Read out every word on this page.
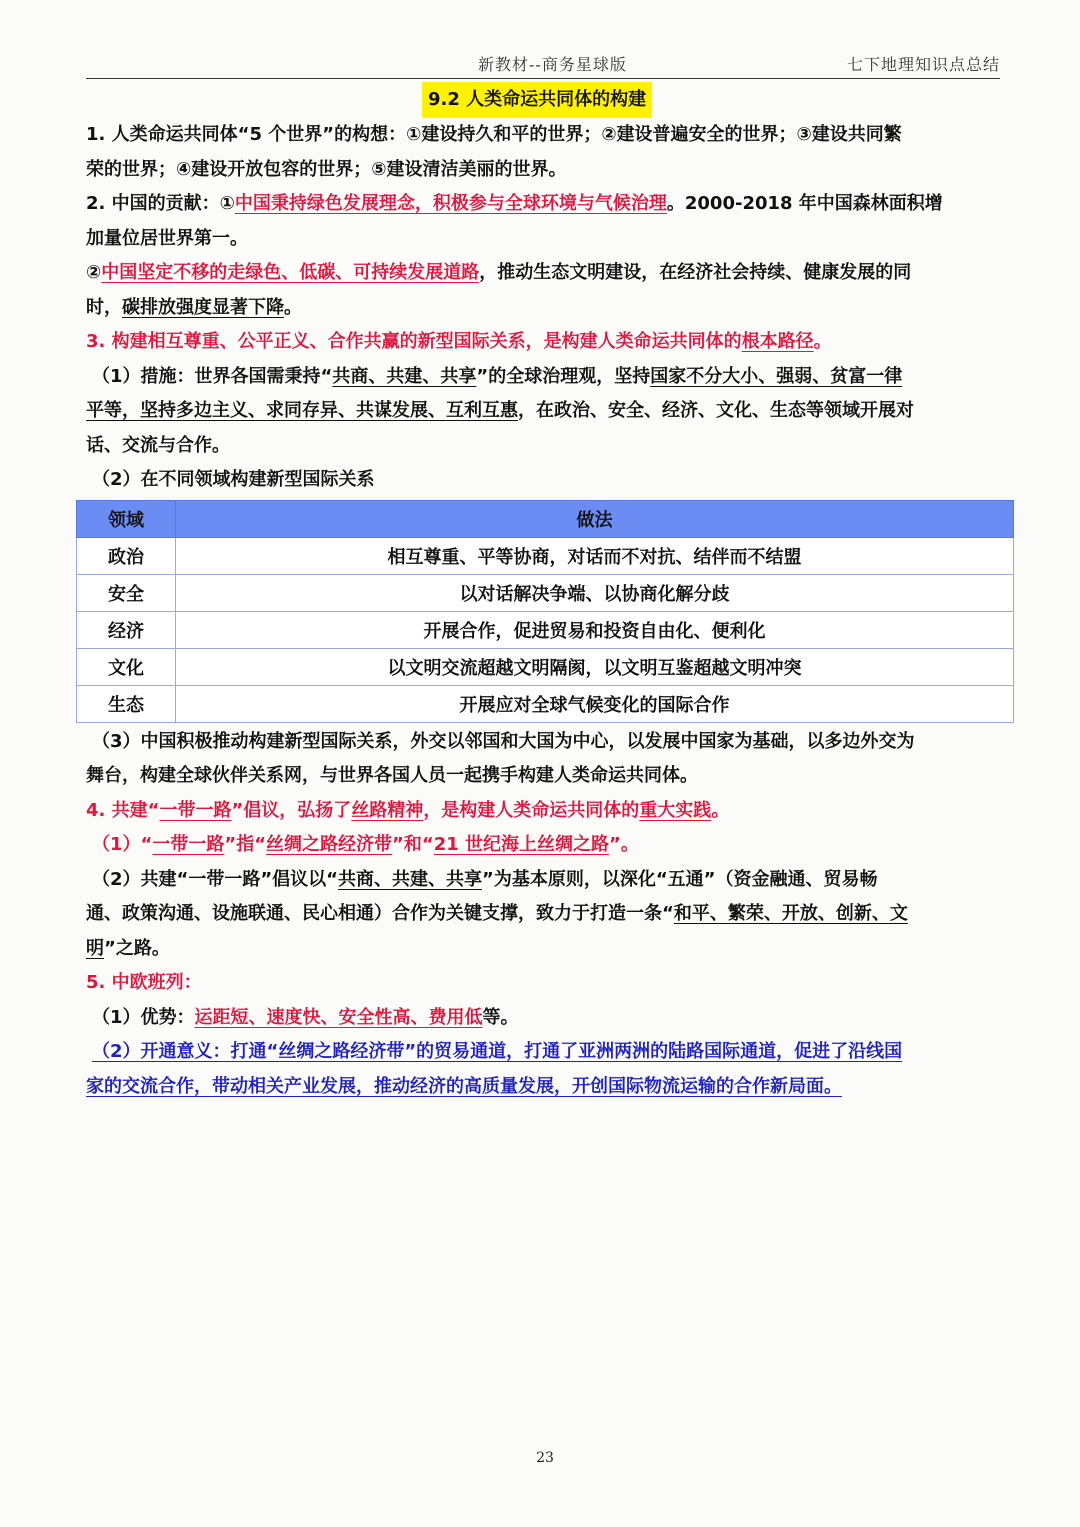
新教材--商务星球版	七下地理知识点总结
9.2 人类命运共同体的构建
1. 人类命运共同体“5 个世界”的构想：①建设持久和平的世界；②建设普遍安全的世界；③建设共同繁
荣的世界；④建设开放包容的世界；⑤建设清洁美丽的世界。
2. 中国的贡献：①中国秉持绿色发展理念，积极参与全球环境与气候治理。2000-2018 年中国森林面积增
加量位居世界第一。
②中国坚定不移的走绿色、低碳、可持续发展道路，推动生态文明建设，在经济社会持续、健康发展的同
时，碳排放强度显著下降。
3. 构建相互尊重、公平正义、合作共赢的新型国际关系，是构建人类命运共同体的根本路径。
（1）措施：世界各国需秉持“共商、共建、共享”的全球治理观，坚持国家不分大小、强弱、贫富一律
平等，坚持多边主义、求同存异、共谋发展、互利互惠，在政治、安全、经济、文化、生态等领域开展对
话、交流与合作。
（2）在不同领域构建新型国际关系
领域	做法
政治	相互尊重、平等协商，对话而不对抗、结伴而不结盟
安全	以对话解决争端、以协商化解分歧
经济	开展合作，促进贸易和投资自由化、便利化
文化	以文明交流超越文明隔阂，以文明互鉴超越文明冲突
生态	开展应对全球气候变化的国际合作
（3）中国积极推动构建新型国际关系，外交以邻国和大国为中心，以发展中国家为基础，以多边外交为
舞台，构建全球伙伴关系网，与世界各国人员一起携手构建人类命运共同体。
4. 共建“一带一路”倡议，弘扬了丝路精神，是构建人类命运共同体的重大实践。
（1）“一带一路”指“丝绸之路经济带”和“21 世纪海上丝绸之路”。
（2）共建“一带一路”倡议以“共商、共建、共享”为基本原则，以深化“五通”（资金融通、贸易畅
通、政策沟通、设施联通、民心相通）合作为关键支撑，致力于打造一条“和平、繁荣、开放、创新、文
明”之路。
5. 中欧班列：
（1）优势：运距短、速度快、安全性高、费用低等。
（2）开通意义：打通“丝绸之路经济带”的贸易通道，打通了亚洲两洲的陆路国际通道，促进了沿线国
家的交流合作，带动相关产业发展，推动经济的高质量发展，开创国际物流运输的合作新局面。
23
